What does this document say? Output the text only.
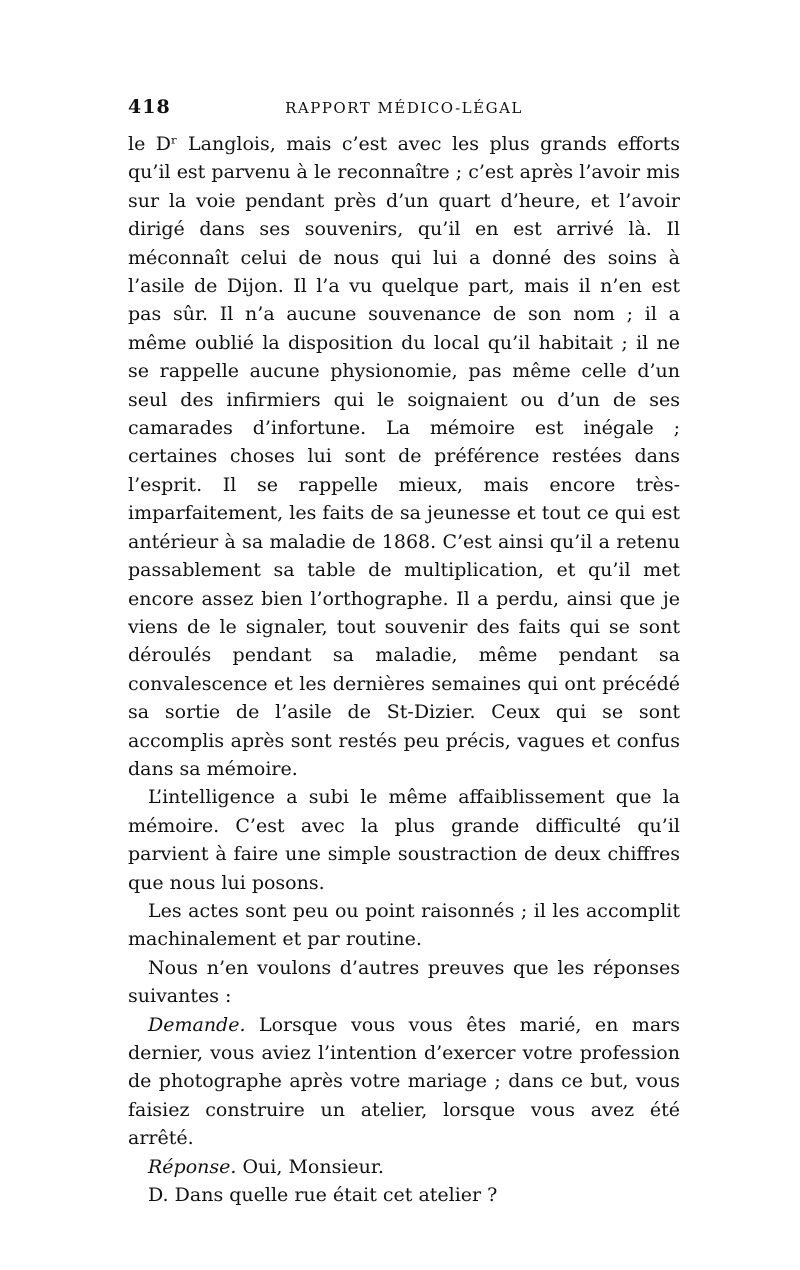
418	RAPPORT MÉDICO-LÉGAL

le Dʳ Langlois, mais c’est avec les plus grands efforts qu’il est parvenu à le reconnaître ; c’est après l’avoir mis sur la voie pendant près d’un quart d’heure, et l’avoir dirigé dans ses souvenirs, qu’il en est arrivé là. Il méconnaît celui de nous qui lui a donné des soins à l’asile de Dijon. Il l’a vu quelque part, mais il n’en est pas sûr. Il n’a aucune souvenance de son nom ; il a même oublié la disposition du local qu’il habitait ; il ne se rappelle aucune physionomie, pas même celle d’un seul des infirmiers qui le soignaient ou d’un de ses camarades d’infortune. La mémoire est inégale ; certaines choses lui sont de préférence restées dans l’esprit. Il se rappelle mieux, mais encore très-imparfaitement, les faits de sa jeunesse et tout ce qui est antérieur à sa maladie de 1868. C’est ainsi qu’il a retenu passablement sa table de multiplication, et qu’il met encore assez bien l’orthographe. Il a perdu, ainsi que je viens de le signaler, tout souvenir des faits qui se sont déroulés pendant sa maladie, même pendant sa convalescence et les dernières semaines qui ont précédé sa sortie de l’asile de St-Dizier. Ceux qui se sont accomplis après sont restés peu précis, vagues et confus dans sa mémoire.

L’intelligence a subi le même affaiblissement que la mémoire. C’est avec la plus grande difficulté qu’il parvient à faire une simple soustraction de deux chiffres que nous lui posons.

Les actes sont peu ou point raisonnés ; il les accomplit machinalement et par routine.

Nous n’en voulons d’autres preuves que les réponses suivantes :

Demande. Lorsque vous vous êtes marié, en mars dernier, vous aviez l’intention d’exercer votre profession de photographe après votre mariage ; dans ce but, vous faisiez construire un atelier, lorsque vous avez été arrêté.

Réponse. Oui, Monsieur.

D. Dans quelle rue était cet atelier ?
